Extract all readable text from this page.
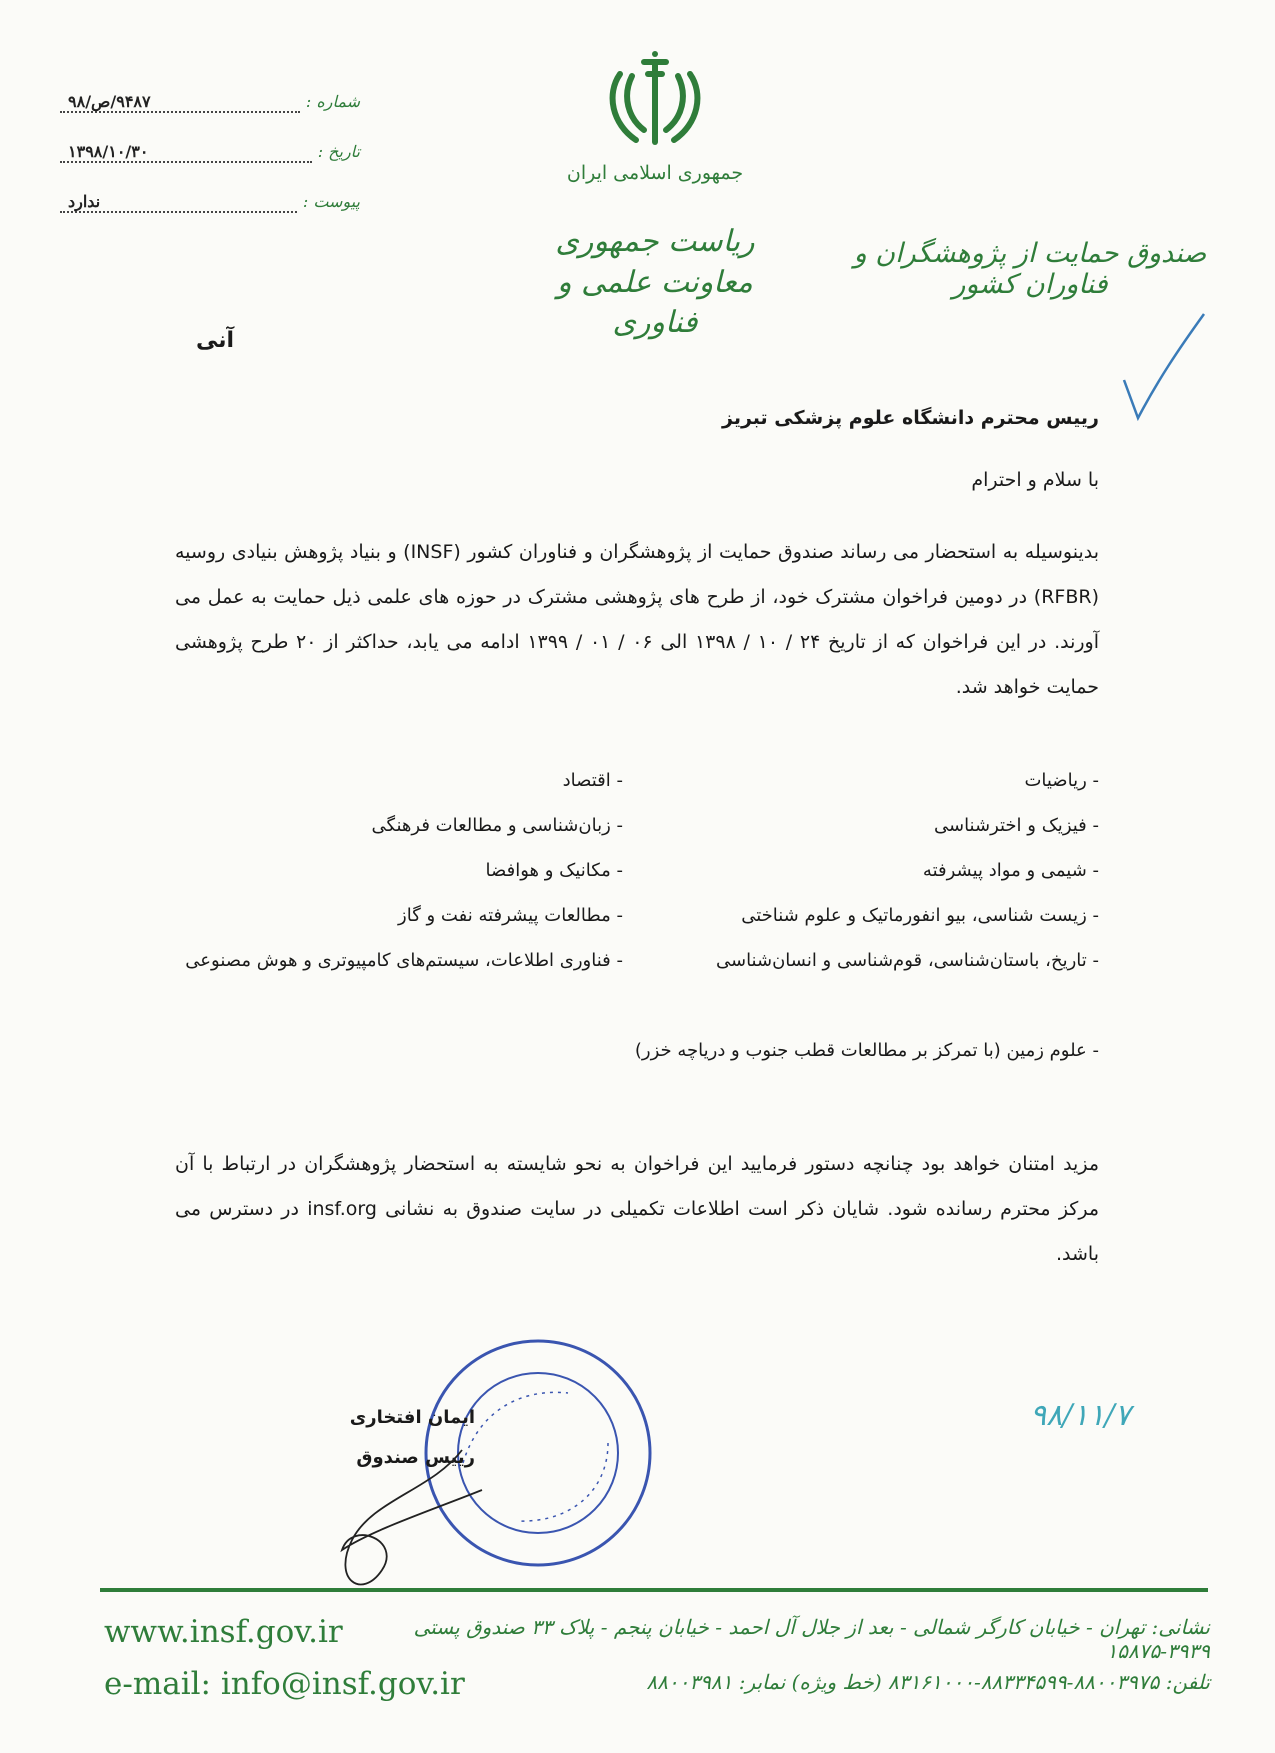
جمهوری اسلامی ایران
ریاست جمهوری
معاونت علمی و فناوری
صندوق حمایت از پژوهشگران و فناوران کشور
شماره :
۹۴۸۷/ص/۹۸
تاریخ :
۱۳۹۸/۱۰/۳۰
پیوست :
ندارد
آنی
رییس محترم دانشگاه علوم پزشکی تبریز
با سلام و احترام
بدینوسیله به استحضار می رساند صندوق حمایت از پژوهشگران و فناوران کشور (INSF) و بنیاد پژوهش بنیادی روسیه (RFBR) در دومین فراخوان مشترک خود، از طرح های پژوهشی مشترک در حوزه های علمی ذیل حمایت به عمل می آورند. در این فراخوان که از تاریخ ۲۴ / ۱۰ / ۱۳۹۸ الی ۰۶ / ۰۱ / ۱۳۹۹ ادامه می یابد، حداکثر از ۲۰ طرح پژوهشی حمایت خواهد شد.
- ریاضیات
- فیزیک و اخترشناسی
- شیمی و مواد پیشرفته
- زیست شناسی، بیو انفورماتیک و علوم شناختی
- تاریخ، باستان‌شناسی، قوم‌شناسی و انسان‌شناسی
- علوم زمین (با تمرکز بر مطالعات قطب جنوب و دریاچه خزر)
- اقتصاد
- زبان‌شناسی و مطالعات فرهنگی
- مکانیک و هوافضا
- مطالعات پیشرفته نفت و گاز
- فناوری اطلاعات، سیستم‌های کامپیوتری و هوش مصنوعی
مزید امتنان خواهد بود چنانچه دستور فرمایید این فراخوان به نحو شایسته به استحضار پژوهشگران در ارتباط با آن مرکز محترم رسانده شود. شایان ذکر است اطلاعات تکمیلی در سایت صندوق به نشانی insf.org در دسترس می باشد.
ایمان افتخاری
رییس صندوق
۹۸/۱۱/۷
www.insf.gov.ir
e-mail: info@insf.gov.ir
نشانی: تهران - خیابان کارگر شمالی - بعد از جلال آل احمد - خیابان پنجم - پلاک ۳۳ صندوق پستی ۳۹۳۹-۱۵۸۷۵
تلفن: ۸۸۰۰۳۹۷۵-۸۸۳۳۴۵۹۹-۸۳۱۶۱۰۰۰ (خط ویژه) نمابر: ۸۸۰۰۳۹۸۱
